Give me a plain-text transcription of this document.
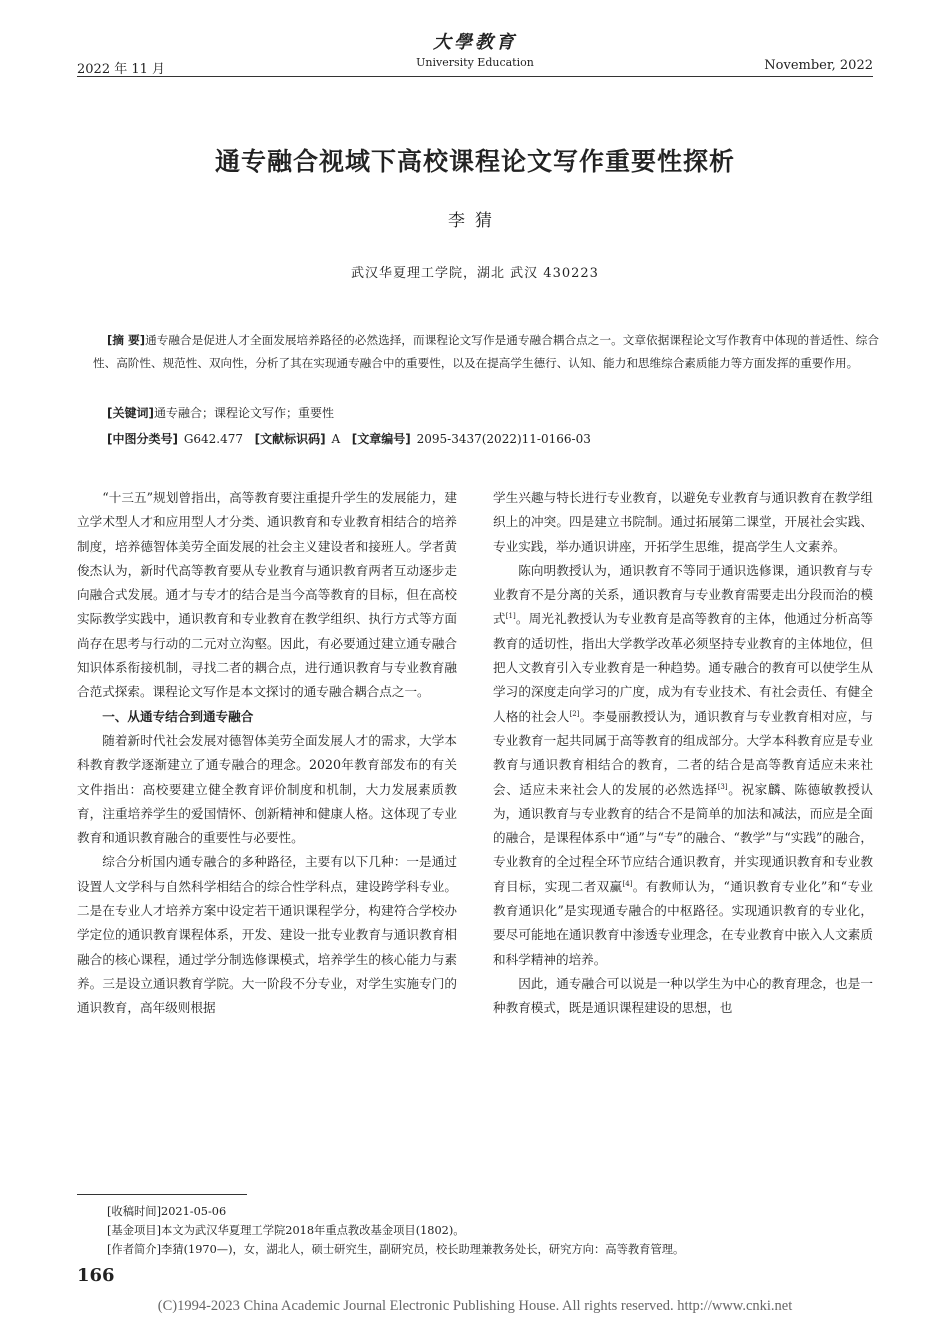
大學教育
University Education
2022 年 11 月	November, 2022
通专融合视域下高校课程论文写作重要性探析
李猜
武汉华夏理工学院，湖北 武汉 430223
[摘 要]通专融合是促进人才全面发展培养路径的必然选择，而课程论文写作是通专融合耦合点之一。文章依据课程论文写作教育中体现的普适性、综合性、高阶性、规范性、双向性，分析了其在实现通专融合中的重要性，以及在提高学生德行、认知、能力和思维综合素质能力等方面发挥的重要作用。
[关键词]通专融合；课程论文写作；重要性
[中图分类号] G642.477 [文献标识码] A [文章编号] 2095-3437(2022)11-0166-03

“十三五”规划曾指出，高等教育要注重提升学生的发展能力，建立学术型人才和应用型人才分类、通识教育和专业教育相结合的培养制度，培养德智体美劳全面发展的社会主义建设者和接班人。学者黄俊杰认为，新时代高等教育要从专业教育与通识教育两者互动逐步走向融合式发展。通才与专才的结合是当今高等教育的目标，但在高校实际教学实践中，通识教育和专业教育在教学组织、执行方式等方面尚存在思考与行动的二元对立沟壑。因此，有必要通过建立通专融合知识体系衔接机制，寻找二者的耦合点，进行通识教育与专业教育融合范式探索。课程论文写作是本文探讨的通专融合耦合点之一。

一、从通专结合到通专融合

随着新时代社会发展对德智体美劳全面发展人才的需求，大学本科教育教学逐渐建立了通专融合的理念。2020年教育部发布的有关文件指出：高校要建立健全教育评价制度和机制，大力发展素质教育，注重培养学生的爱国情怀、创新精神和健康人格。这体现了专业教育和通识教育融合的重要性与必要性。

综合分析国内通专融合的多种路径，主要有以下几种：一是通过设置人文学科与自然科学相结合的综合性学科点，建设跨学科专业。二是在专业人才培养方案中设定若干通识课程学分，构建符合学校办学定位的通识教育课程体系，开发、建设一批专业教育与通识教育相融合的核心课程，通过学分制选修课模式，培养学生的核心能力与素养。三是设立通识教育学院。大一阶段不分专业，对学生实施专门的通识教育，高年级则根据

学生兴趣与特长进行专业教育，以避免专业教育与通识教育在教学组织上的冲突。四是建立书院制。通过拓展第二课堂，开展社会实践、专业实践，举办通识讲座，开拓学生思维，提高学生人文素养。

陈向明教授认为，通识教育不等同于通识选修课，通识教育与专业教育不是分离的关系，通识教育与专业教育需要走出分段而治的模式[1]。周光礼教授认为专业教育是高等教育的主体，他通过分析高等教育的适切性，指出大学教学改革必须坚持专业教育的主体地位，但把人文教育引入专业教育是一种趋势。通专融合的教育可以使学生从学习的深度走向学习的广度，成为有专业技术、有社会责任、有健全人格的社会人[2]。李曼丽教授认为，通识教育与专业教育相对应，与专业教育一起共同属于高等教育的组成部分。大学本科教育应是专业教育与通识教育相结合的教育，二者的结合是高等教育适应未来社会、适应未来社会人的发展的必然选择[3]。祝家麟、陈德敏教授认为，通识教育与专业教育的结合不是简单的加法和减法，而应是全面的融合，是课程体系中“通”与“专”的融合、“教学”与“实践”的融合，专业教育的全过程全环节应结合通识教育，并实现通识教育和专业教育目标，实现二者双赢[4]。有教师认为，“通识教育专业化”和“专业教育通识化”是实现通专融合的中枢路径。实现通识教育的专业化，要尽可能地在通识教育中渗透专业理念，在专业教育中嵌入人文素质和科学精神的培养。

因此，通专融合可以说是一种以学生为中心的教育理念，也是一种教育模式，既是通识课程建设的思想，也

[收稿时间]2021-05-06
[基金项目]本文为武汉华夏理工学院2018年重点教改基金项目(1802)。
[作者简介]李猜(1970—)，女，湖北人，硕士研究生，副研究员，校长助理兼教务处长，研究方向：高等教育管理。
166
(C)1994-2023 China Academic Journal Electronic Publishing House. All rights reserved. http://www.cnki.net
